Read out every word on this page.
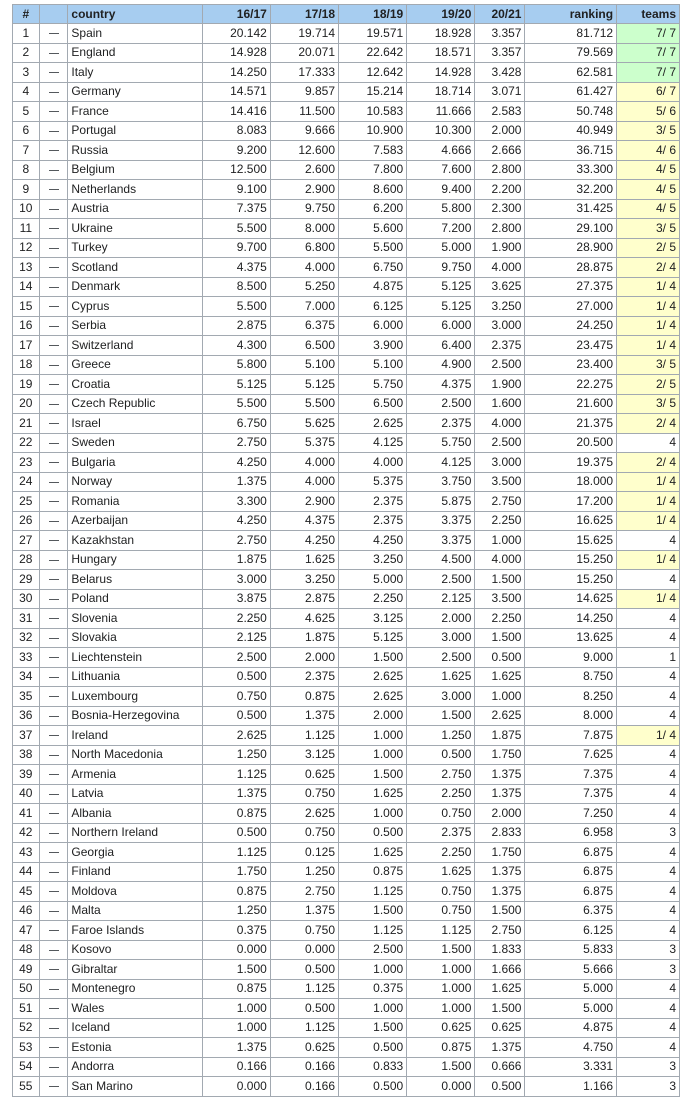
#		country	16/17	17/18	18/19	19/20	20/21	ranking	teams
1		Spain	20.142	19.714	19.571	18.928	3.357	81.712	7/ 7
2		England	14.928	20.071	22.642	18.571	3.357	79.569	7/ 7
3		Italy	14.250	17.333	12.642	14.928	3.428	62.581	7/ 7
4		Germany	14.571	9.857	15.214	18.714	3.071	61.427	6/ 7
5		France	14.416	11.500	10.583	11.666	2.583	50.748	5/ 6
6		Portugal	8.083	9.666	10.900	10.300	2.000	40.949	3/ 5
7		Russia	9.200	12.600	7.583	4.666	2.666	36.715	4/ 6
8		Belgium	12.500	2.600	7.800	7.600	2.800	33.300	4/ 5
9		Netherlands	9.100	2.900	8.600	9.400	2.200	32.200	4/ 5
10		Austria	7.375	9.750	6.200	5.800	2.300	31.425	4/ 5
11		Ukraine	5.500	8.000	5.600	7.200	2.800	29.100	3/ 5
12		Turkey	9.700	6.800	5.500	5.000	1.900	28.900	2/ 5
13		Scotland	4.375	4.000	6.750	9.750	4.000	28.875	2/ 4
14		Denmark	8.500	5.250	4.875	5.125	3.625	27.375	1/ 4
15		Cyprus	5.500	7.000	6.125	5.125	3.250	27.000	1/ 4
16		Serbia	2.875	6.375	6.000	6.000	3.000	24.250	1/ 4
17		Switzerland	4.300	6.500	3.900	6.400	2.375	23.475	1/ 4
18		Greece	5.800	5.100	5.100	4.900	2.500	23.400	3/ 5
19		Croatia	5.125	5.125	5.750	4.375	1.900	22.275	2/ 5
20		Czech Republic	5.500	5.500	6.500	2.500	1.600	21.600	3/ 5
21		Israel	6.750	5.625	2.625	2.375	4.000	21.375	2/ 4
22		Sweden	2.750	5.375	4.125	5.750	2.500	20.500	4
23		Bulgaria	4.250	4.000	4.000	4.125	3.000	19.375	2/ 4
24		Norway	1.375	4.000	5.375	3.750	3.500	18.000	1/ 4
25		Romania	3.300	2.900	2.375	5.875	2.750	17.200	1/ 4
26		Azerbaijan	4.250	4.375	2.375	3.375	2.250	16.625	1/ 4
27		Kazakhstan	2.750	4.250	4.250	3.375	1.000	15.625	4
28		Hungary	1.875	1.625	3.250	4.500	4.000	15.250	1/ 4
29		Belarus	3.000	3.250	5.000	2.500	1.500	15.250	4
30		Poland	3.875	2.875	2.250	2.125	3.500	14.625	1/ 4
31		Slovenia	2.250	4.625	3.125	2.000	2.250	14.250	4
32		Slovakia	2.125	1.875	5.125	3.000	1.500	13.625	4
33		Liechtenstein	2.500	2.000	1.500	2.500	0.500	9.000	1
34		Lithuania	0.500	2.375	2.625	1.625	1.625	8.750	4
35		Luxembourg	0.750	0.875	2.625	3.000	1.000	8.250	4
36		Bosnia-Herzegovina	0.500	1.375	2.000	1.500	2.625	8.000	4
37		Ireland	2.625	1.125	1.000	1.250	1.875	7.875	1/ 4
38		North Macedonia	1.250	3.125	1.000	0.500	1.750	7.625	4
39		Armenia	1.125	0.625	1.500	2.750	1.375	7.375	4
40		Latvia	1.375	0.750	1.625	2.250	1.375	7.375	4
41		Albania	0.875	2.625	1.000	0.750	2.000	7.250	4
42		Northern Ireland	0.500	0.750	0.500	2.375	2.833	6.958	3
43		Georgia	1.125	0.125	1.625	2.250	1.750	6.875	4
44		Finland	1.750	1.250	0.875	1.625	1.375	6.875	4
45		Moldova	0.875	2.750	1.125	0.750	1.375	6.875	4
46		Malta	1.250	1.375	1.500	0.750	1.500	6.375	4
47		Faroe Islands	0.375	0.750	1.125	1.125	2.750	6.125	4
48		Kosovo	0.000	0.000	2.500	1.500	1.833	5.833	3
49		Gibraltar	1.500	0.500	1.000	1.000	1.666	5.666	3
50		Montenegro	0.875	1.125	0.375	1.000	1.625	5.000	4
51		Wales	1.000	0.500	1.000	1.000	1.500	5.000	4
52		Iceland	1.000	1.125	1.500	0.625	0.625	4.875	4
53		Estonia	1.375	0.625	0.500	0.875	1.375	4.750	4
54		Andorra	0.166	0.166	0.833	1.500	0.666	3.331	3
55		San Marino	0.000	0.166	0.500	0.000	0.500	1.166	3
